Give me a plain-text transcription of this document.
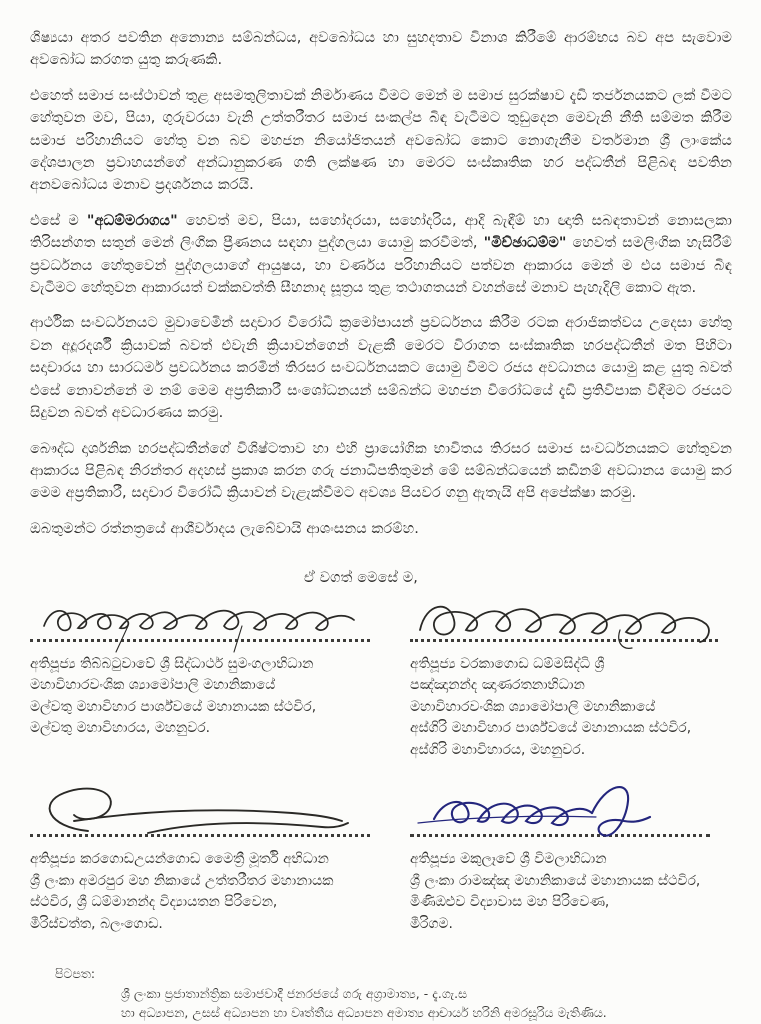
ශිෂ්‍යයා අතර පවතින අනොන්‍ය සම්බන්ධය, අවබෝධය හා සුහදතාව විනාශ කිරීමේ ආරම්භය බව අප සැවොම අවබෝධ කරගත යුතු කරුණකි.

එහෙත් සමාජ සංස්ථාවන් තුළ අසමතුලිතාවක් නිර්මාණය වීමට මෙන් ම සමාජ සුරක්ෂාව දැඩි තර්ජනයකට ලක් වීමට හේතුවන මව, පියා, ගුරුවරයා වැනි උත්තරීතර සමාජ සංකල්ප බිඳ වැටීමට තුඩුදෙන මෙවැනි නීති සම්මත කිරීම සමාජ පරිහානියට හේතු වන බව මහජන නියෝජිතයන් අවබෝධ කොට නොගැනීම වර්තමාන ශ්‍රී ලාංකේය දේශපාලන ප්‍රවාහයන්ගේ අන්ධානුකරණ ගති ලක්ෂණ හා මෙරට සංස්කෘතික හර පද්ධතීන් පිළිබඳ පවතින අනවබෝධය මනාව ප්‍රදර්ශනය කරයි.

එසේ ම "අධම්මරාගය" හෙවත් මව, පියා, සහෝදරයා, සහෝදරිය, ආදි බැඳීම් හා ඥාති සබඳතාවන් නොසලකා තිරිසන්ගත සතුන් මෙන් ලිංගික ප්‍රීණනය සඳහා පුද්ගලයා යොමු කරවීමත්, "මිච්ඡාධම්ම" හෙවත් සමලිංගික හැසිරීම් ප්‍රවර්ධනය හේතුවෙන් පුද්ගලයාගේ ආයුෂය, හා වර්ණය පරිහානියට පත්වන ආකාරය මෙන් ම එය සමාජ බිඳ වැටීමට හේතුවන ආකාරයත් චක්කවත්ති සීහනාද සූත්‍රය තුළ තථාගතයන් වහන්සේ මනාව පැහැදිලි කොට ඇත.

ආර්ථික සංවර්ධනයට මුවාවෙමින් සදාචාර විරෝධී ක්‍රමෝපායන් ප්‍රවර්ධනය කිරීම රටක අරාජිකත්වය උදෙසා හේතු වන අදූරදර්ශී ක්‍රියාවක් බවත් එවැනි ක්‍රියාවන්ගෙන් වැළකී මෙරට විරාගත සංස්කෘතික හරපද්ධතීන් මත පිහිටා සදාචාරය හා සාරධර්ම ප්‍රවර්ධනය කරමින් තිරසර සංවර්ධනයකට යොමු වීමට රජය අවධානය යොමු කළ යුතු බවත් එසේ නොවන්නේ ම නම් මෙම අප්‍රතිකාරී සංශෝධනයන් සම්බන්ධ මහජන විරෝධයේ දැඩි ප්‍රතිවිපාක විඳීමට රජයට සිදුවන බවත් අවධාරණය කරමු.

බෞද්ධ දාර්ශනික හරපද්ධතීන්ගේ විශිෂ්ටතාව හා එහි ප්‍රායෝගික භාවිතය තිරසර සමාජ සංවර්ධනයකට හේතුවන ආකාරය පිළිබඳ නිරන්තර අදහස් ප්‍රකාශ කරන ගරු ජනාධිපතිතුමන් මේ සම්බන්ධයෙන් කඩිනම් අවධානය යොමු කර මෙම අප්‍රතිකාරී, සදාචාර විරෝධී ක්‍රියාවන් වැළැක්වීමට අවශ්‍ය පියවර ගනු ඇතැයි අපි අපේක්ෂා කරමු.

ඔබතුමන්ට රත්නත්‍රයේ ආශීර්වාදය ලැබේවායි ආශංසනය කරම්හ.

ඒ වගත් මෙසේ ම,
අතිපූජ්‍ය තිබ්බටුවාවේ ශ්‍රී සිද්ධාර්ථ සුමංගලාභිධාන
මහාවිහාරවංශික ශ්‍යාමෝපාලි මහානිකායේ
මල්වතු මහාවිහාර පාර්ශ්වයේ මහානායක ස්ථවිර,
මල්වතු මහාවිහාරය, මහනුවර.
අතිපූජ්‍ය වරකාගොඩ ධම්මසිද්ධි ශ්‍රී
පඤ්ඤානන්ද ඤාණරතනාභිධාන
මහාවිහාරවංශික ශ්‍යාමෝපාලි මහානිකායේ
අස්ගිරි මහාවිහාර පාර්ශ්වයේ මහානායක ස්ථවිර,
අස්ගිරි මහාවිහාරය, මහනුවර.
අතිපූජ්‍ය කරගොඩඋයන්ගොඩ මෛත්‍රී මූර්ති අභිධාන
ශ්‍රී ලංකා අමරපුර මහ නිකායේ උත්තරීතර මහානායක
ස්ථවිර, ශ්‍රී ධම්මානන්ද විද්‍යායතන පිරිවෙන,
මීරිස්වත්ත, බලංගොඩ.
අතිපූජ්‍ය මකුලෑවේ ශ්‍රී විමලාභිධාන
ශ්‍රී ලංකා රාමඤ්ඤ මහානිකායේ මහානායක ස්ථවිර,
මිණිඔළුව විද්‍යාවාස මහ පිරිවෙණ,
මීරිගම.
පිටපත:
ශ්‍රී ලංකා ප්‍රජාතාන්ත්‍රික සමාජවාදී ජනරජයේ ගරු අග්‍රාමාත්‍ය, - දැ.ගැ.ස
හා අධ්‍යාපන, උසස් අධ්‍යාපන හා වෘත්තීය අධ්‍යාපන අමාත්‍ය ආචාර්ය හරිනි අමරසූරිය මැතිණිය.
